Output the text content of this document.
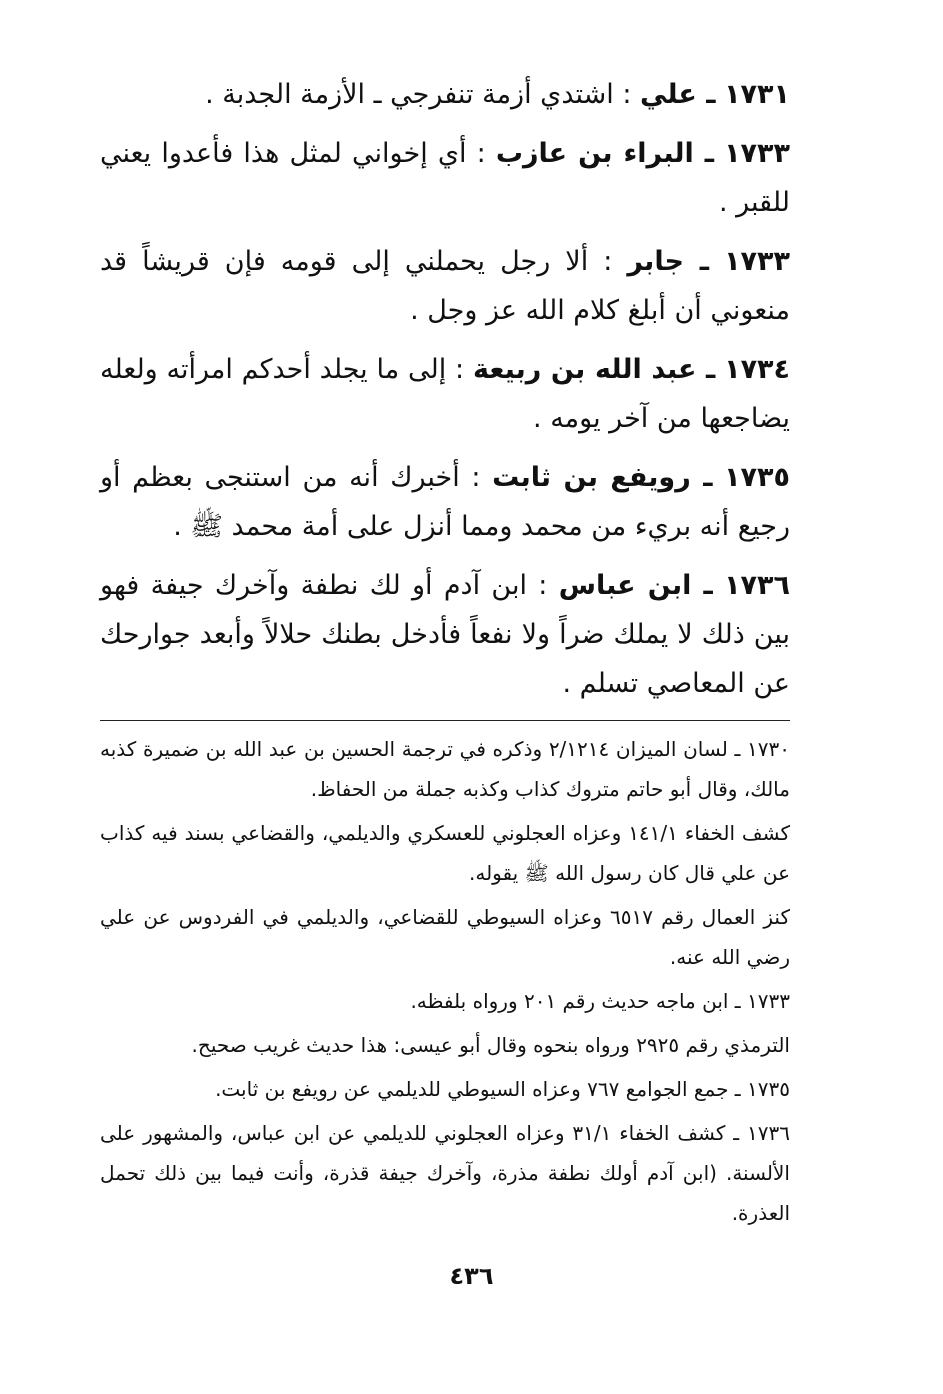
١٧٣١ ـ علي : اشتدي أزمة تنفرجي ـ الأزمة الجدبة .
١٧٣٣ ـ البراء بن عازب : أي إخواني لمثل هذا فأعدوا يعني للقبر .
١٧٣٣ ـ جابر : ألا رجل يحملني إلى قومه فإن قريشاً قد منعوني أن أبلغ كلام الله عز وجل .
١٧٣٤ ـ عبد الله بن ربيعة : إلى ما يجلد أحدكم امرأته ولعله يضاجعها من آخر يومه .
١٧٣٥ ـ رويفع بن ثابت : أخبرك أنه من استنجى بعظم أو رجيع أنه بريء من محمد ومما أنزل على أمة محمد ﷺ .
١٧٣٦ ـ ابن عباس : ابن آدم أو لك نطفة وآخرك جيفة فهو بين ذلك لا يملك ضراً ولا نفعاً فأدخل بطنك حلالاً وأبعد جوارحك عن المعاصي تسلم .
١٧٣٠ ـ لسان الميزان ٢/١٢١٤ وذكره في ترجمة الحسين بن عبد الله بن ضميرة كذبه مالك، وقال أبو حاتم متروك كذاب وكذبه جملة من الحفاظ.
كشف الخفاء ١٤١/١ وعزاه العجلوني للعسكري والديلمي، والقضاعي بسند فيه كذاب عن علي قال كان رسول الله ﷺ يقوله.
كنز العمال رقم ٦٥١٧ وعزاه السيوطي للقضاعي، والديلمي في الفردوس عن علي رضي الله عنه.
١٧٣٣ ـ ابن ماجه حديث رقم ٢٠١ ورواه بلفظه.
الترمذي رقم ٢٩٢٥ ورواه بنحوه وقال أبو عيسى: هذا حديث غريب صحيح.
١٧٣٥ ـ جمع الجوامع ٧٦٧ وعزاه السيوطي للديلمي عن رويفع بن ثابت.
١٧٣٦ ـ كشف الخفاء ٣١/١ وعزاه العجلوني للديلمي عن ابن عباس، والمشهور على الألسنة. (ابن آدم أولك نطفة مذرة، وآخرك جيفة قذرة، وأنت فيما بين ذلك تحمل العذرة.
٤٣٦
